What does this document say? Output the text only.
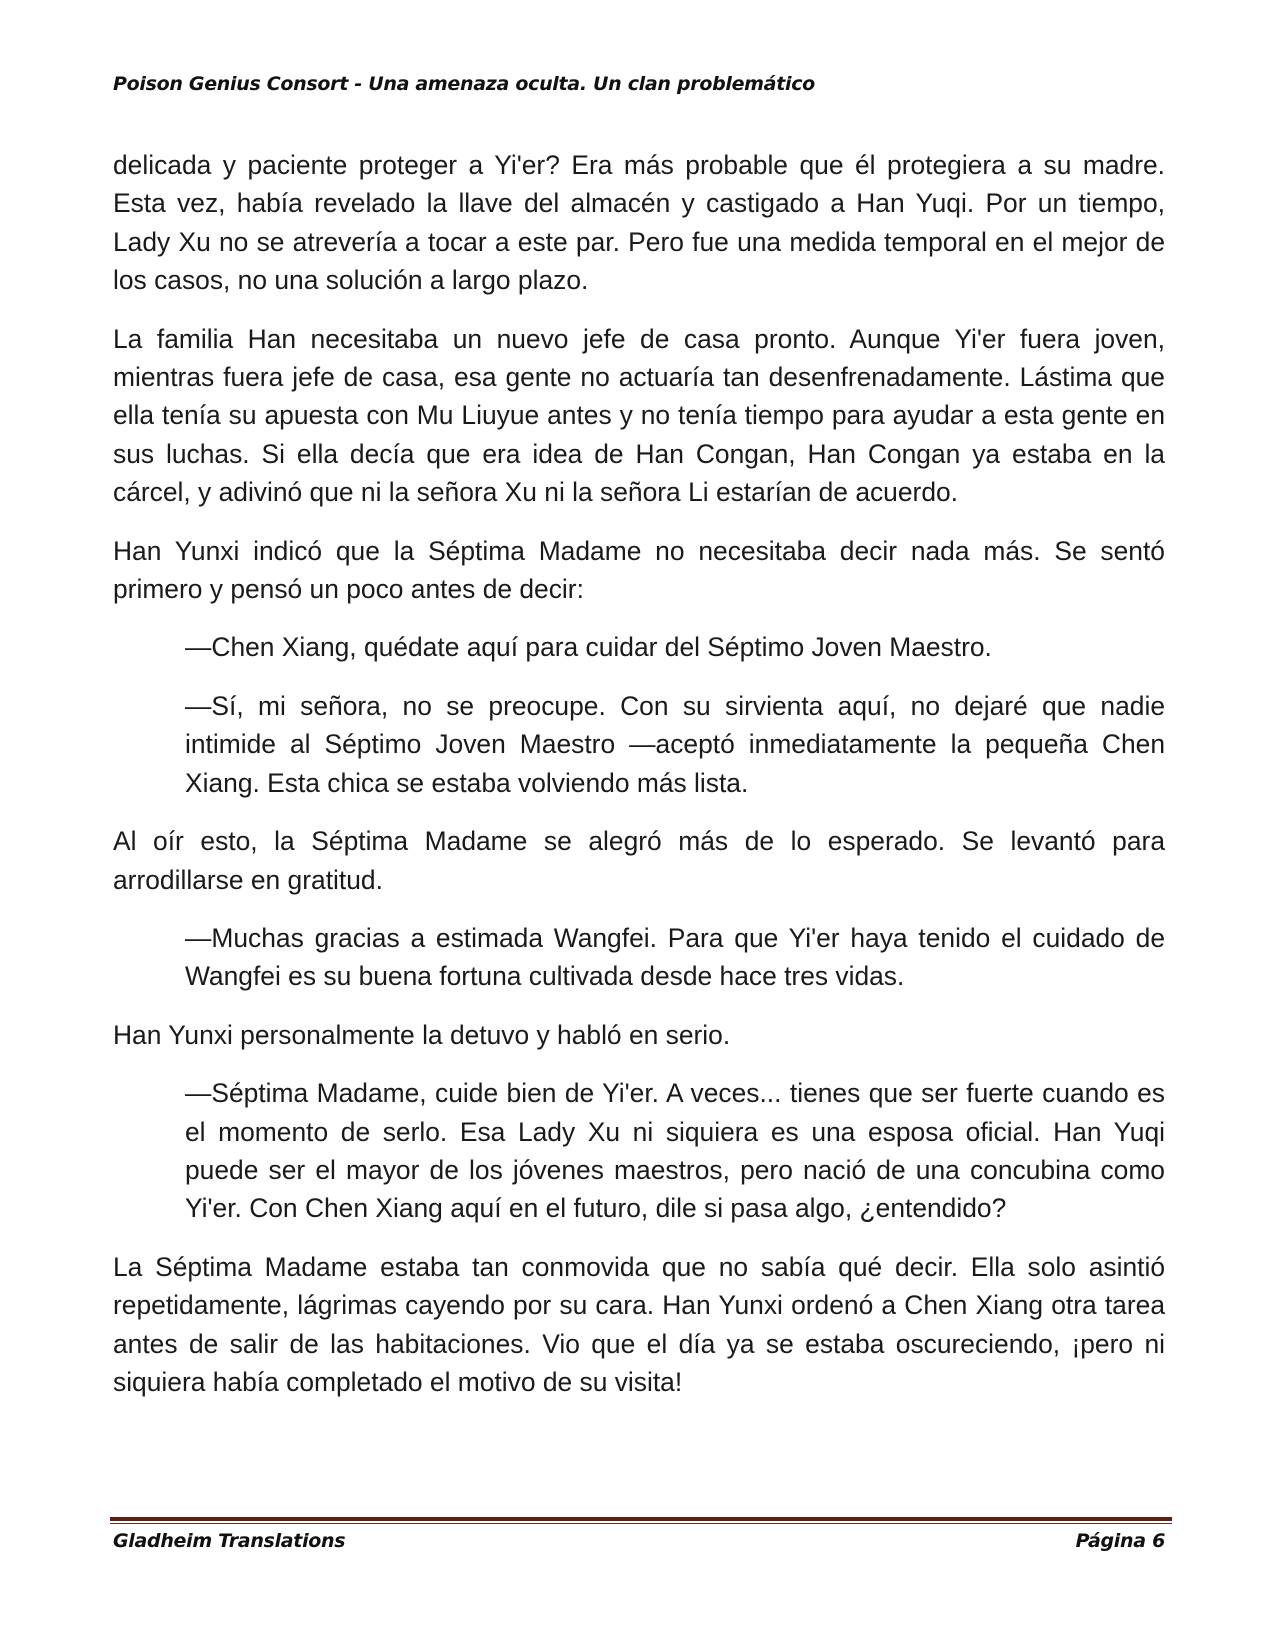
Poison Genius Consort - Una amenaza oculta. Un clan problemático

delicada y paciente proteger a Yi'er? Era más probable que él protegiera a su madre. Esta vez, había revelado la llave del almacén y castigado a Han Yuqi. Por un tiempo, Lady Xu no se atrevería a tocar a este par. Pero fue una medida temporal en el mejor de los casos, no una solución a largo plazo.

La familia Han necesitaba un nuevo jefe de casa pronto. Aunque Yi'er fuera joven, mientras fuera jefe de casa, esa gente no actuaría tan desenfrenadamente. Lástima que ella tenía su apuesta con Mu Liuyue antes y no tenía tiempo para ayudar a esta gente en sus luchas. Si ella decía que era idea de Han Congan, Han Congan ya estaba en la cárcel, y adivinó que ni la señora Xu ni la señora Li estarían de acuerdo.

Han Yunxi indicó que la Séptima Madame no necesitaba decir nada más. Se sentó primero y pensó un poco antes de decir:

—Chen Xiang, quédate aquí para cuidar del Séptimo Joven Maestro.

—Sí, mi señora, no se preocupe. Con su sirvienta aquí, no dejaré que nadie intimide al Séptimo Joven Maestro —aceptó inmediatamente la pequeña Chen Xiang. Esta chica se estaba volviendo más lista.

Al oír esto, la Séptima Madame se alegró más de lo esperado. Se levantó para arrodillarse en gratitud.

—Muchas gracias a estimada Wangfei. Para que Yi'er haya tenido el cuidado de Wangfei es su buena fortuna cultivada desde hace tres vidas.

Han Yunxi personalmente la detuvo y habló en serio.

—Séptima Madame, cuide bien de Yi'er. A veces... tienes que ser fuerte cuando es el momento de serlo. Esa Lady Xu ni siquiera es una esposa oficial. Han Yuqi puede ser el mayor de los jóvenes maestros, pero nació de una concubina como Yi'er. Con Chen Xiang aquí en el futuro, dile si pasa algo, ¿entendido?

La Séptima Madame estaba tan conmovida que no sabía qué decir. Ella solo asintió repetidamente, lágrimas cayendo por su cara. Han Yunxi ordenó a Chen Xiang otra tarea antes de salir de las habitaciones. Vio que el día ya se estaba oscureciendo, ¡pero ni siquiera había completado el motivo de su visita!

Gladheim Translations	Página 6
